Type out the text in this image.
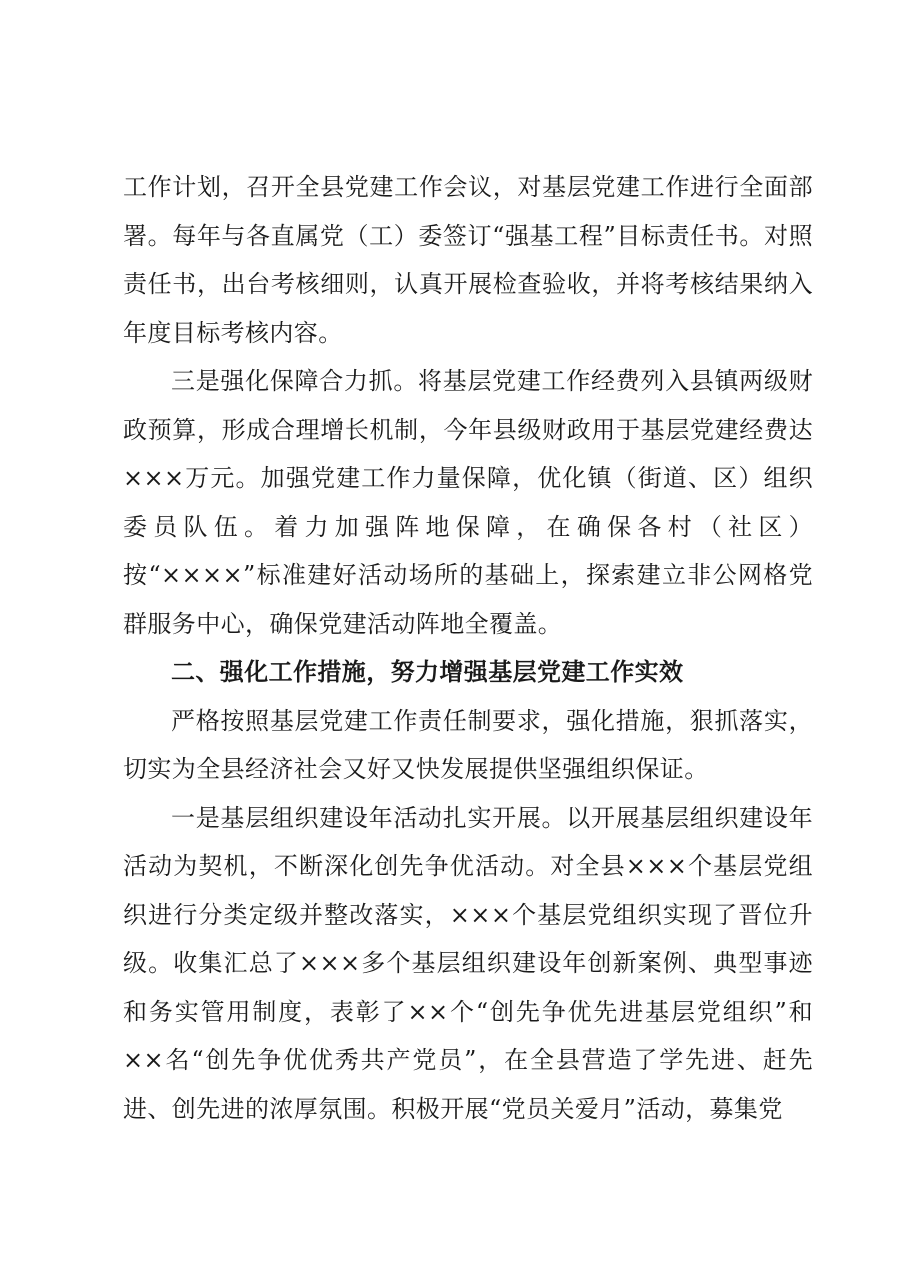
工作计划，召开全县党建工作会议，对基层党建工作进行全面部署。每年与各直属党（工）委签订“强基工程”目标责任书。对照责任书，出台考核细则，认真开展检查验收，并将考核结果纳入年度目标考核内容。

三是强化保障合力抓。将基层党建工作经费列入县镇两级财政预算，形成合理增长机制，今年县级财政用于基层党建经费达×××万元。加强党建工作力量保障，优化镇（街道、区）组织委员队伍。着力加强阵地保障，在确保各村（社区）按“××××”标准建好活动场所的基础上，探索建立非公网格党群服务中心，确保党建活动阵地全覆盖。

二、强化工作措施，努力增强基层党建工作实效

严格按照基层党建工作责任制要求，强化措施，狠抓落实，切实为全县经济社会又好又快发展提供坚强组织保证。

一是基层组织建设年活动扎实开展。以开展基层组织建设年活动为契机，不断深化创先争优活动。对全县×××个基层党组织进行分类定级并整改落实，×××个基层党组织实现了晋位升级。收集汇总了×××多个基层组织建设年创新案例、典型事迹和务实管用制度，表彰了××个“创先争优先进基层党组织”和××名“创先争优优秀共产党员”，在全县营造了学先进、赶先进、创先进的浓厚氛围。积极开展“党员关爱月”活动，募集党
